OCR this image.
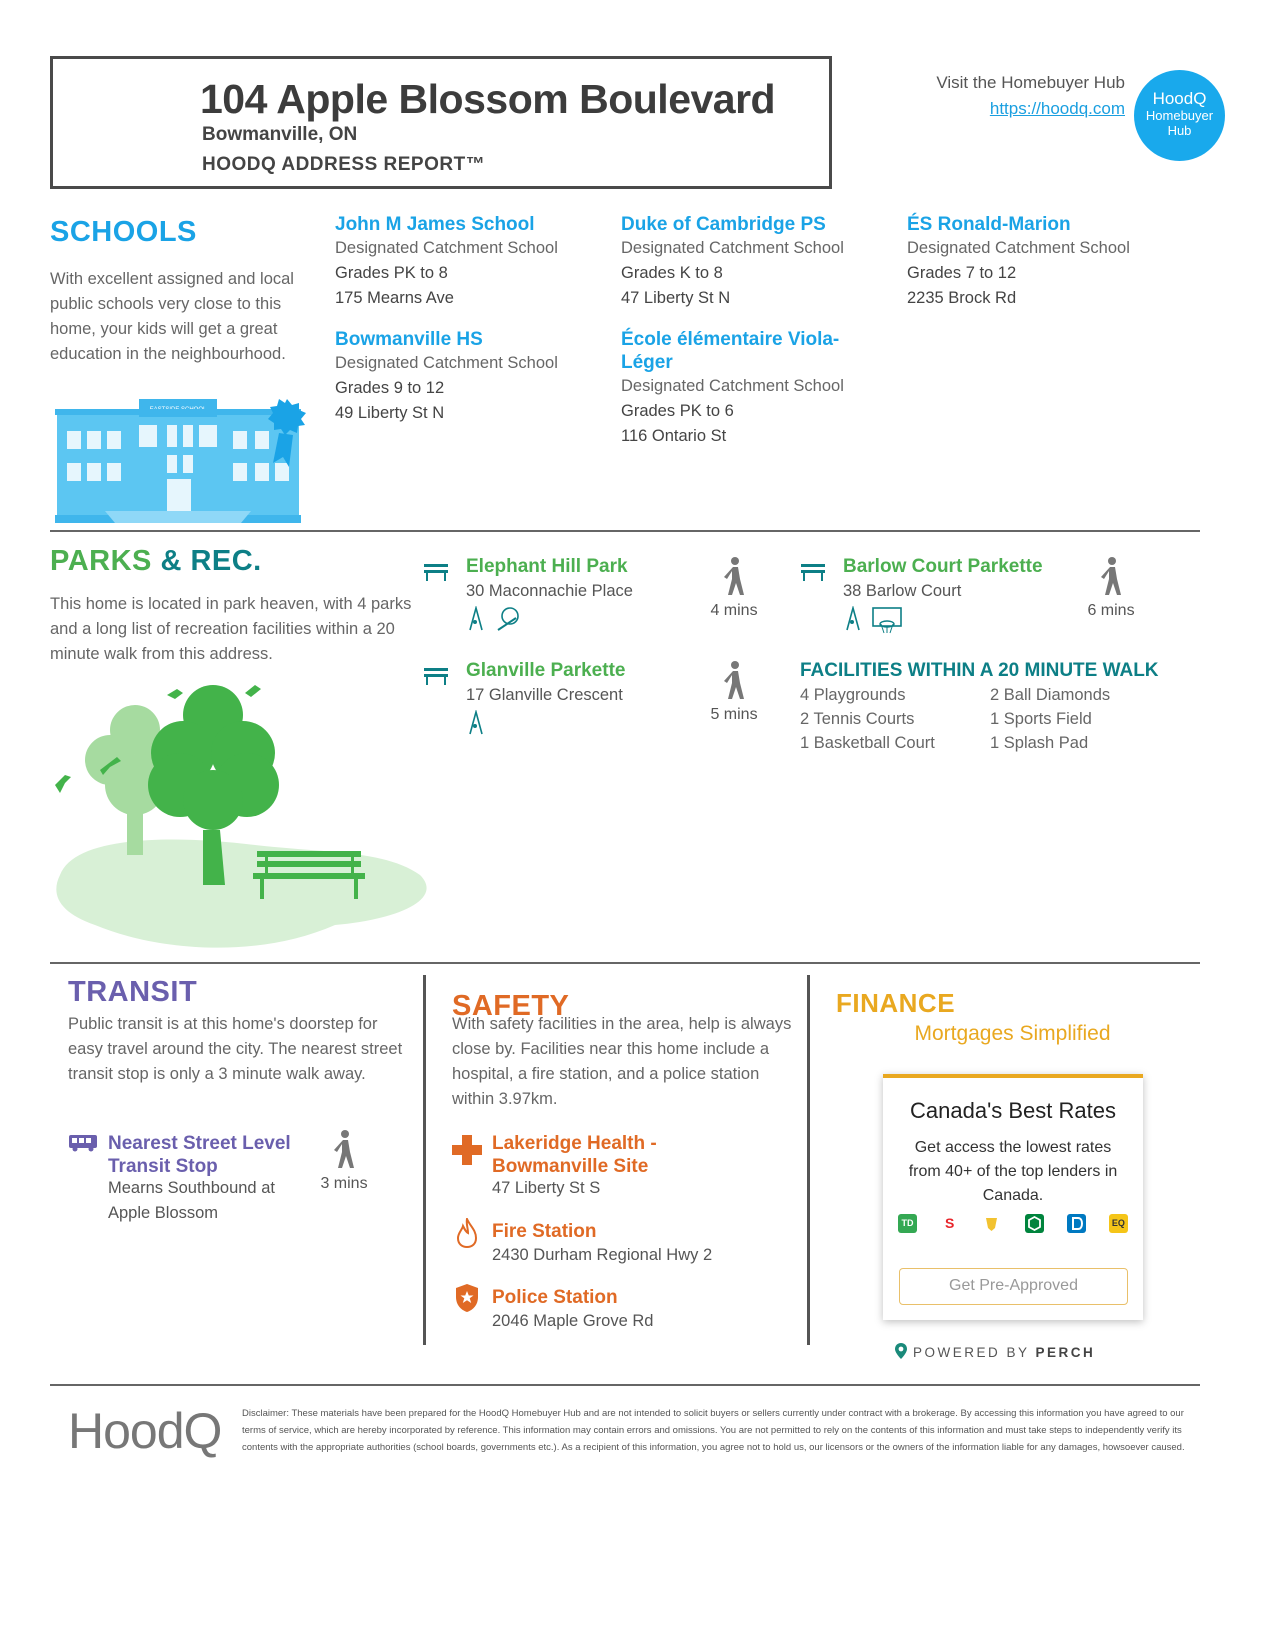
104 Apple Blossom Boulevard
Bowmanville, ON
HOODQ ADDRESS REPORT™
Visit the Homebuyer Hub
https://hoodq.com
HoodQ
Homebuyer
Hub
SCHOOLS
With excellent assigned and local public schools very close to this home, your kids will get a great education in the neighbourhood.
John M James School
Designated Catchment School
Grades PK to 8
175 Mearns Ave
Duke of Cambridge PS
Designated Catchment School
Grades K to 8
47 Liberty St N
ÉS Ronald-Marion
Designated Catchment School
Grades 7 to 12
2235 Brock Rd
Bowmanville HS
Designated Catchment School
Grades 9 to 12
49 Liberty St N
École élémentaire Viola-Léger
Designated Catchment School
Grades PK to 6
116 Ontario St
PARKS & REC.
This home is located in park heaven, with 4 parks and a long list of recreation facilities within a 20 minute walk from this address.
Elephant Hill Park
30 Maconnachie Place
4 mins
Barlow Court Parkette
38 Barlow Court
6 mins
Glanville Parkette
17 Glanville Crescent
5 mins
FACILITIES WITHIN A 20 MINUTE WALK
4 Playgrounds	2 Ball Diamonds
2 Tennis Courts	1 Sports Field
1 Basketball Court	1 Splash Pad
TRANSIT
Public transit is at this home's doorstep for easy travel around the city. The nearest street transit stop is only a 3 minute walk away.
Nearest Street Level
Transit Stop
Mearns Southbound at
Apple Blossom
3 mins
SAFETY
With safety facilities in the area, help is always close by. Facilities near this home include a hospital, a fire station, and a police station within 3.97km.
Lakeridge Health -
Bowmanville Site
47 Liberty St S
Fire Station
2430 Durham Regional Hwy 2
Police Station
2046 Maple Grove Rd
FINANCE
Mortgages Simplified
Canada's Best Rates
Get access the lowest rates from 40+ of the top lenders in Canada.
TD	S	EQ
Get Pre-Approved
POWERED BY PERCH
HoodQ Disclaimer: These materials have been prepared for the HoodQ Homebuyer Hub and are not intended to solicit buyers or sellers currently under contract with a brokerage. By accessing this information you have agreed to our terms of service, which are hereby incorporated by reference. This information may contain errors and omissions. You are not permitted to rely on the contents of this information and must take steps to independently verify its contents with the appropriate authorities (school boards, governments etc.). As a recipient of this information, you agree not to hold us, our licensors or the owners of the information liable for any damages, howsoever caused.
